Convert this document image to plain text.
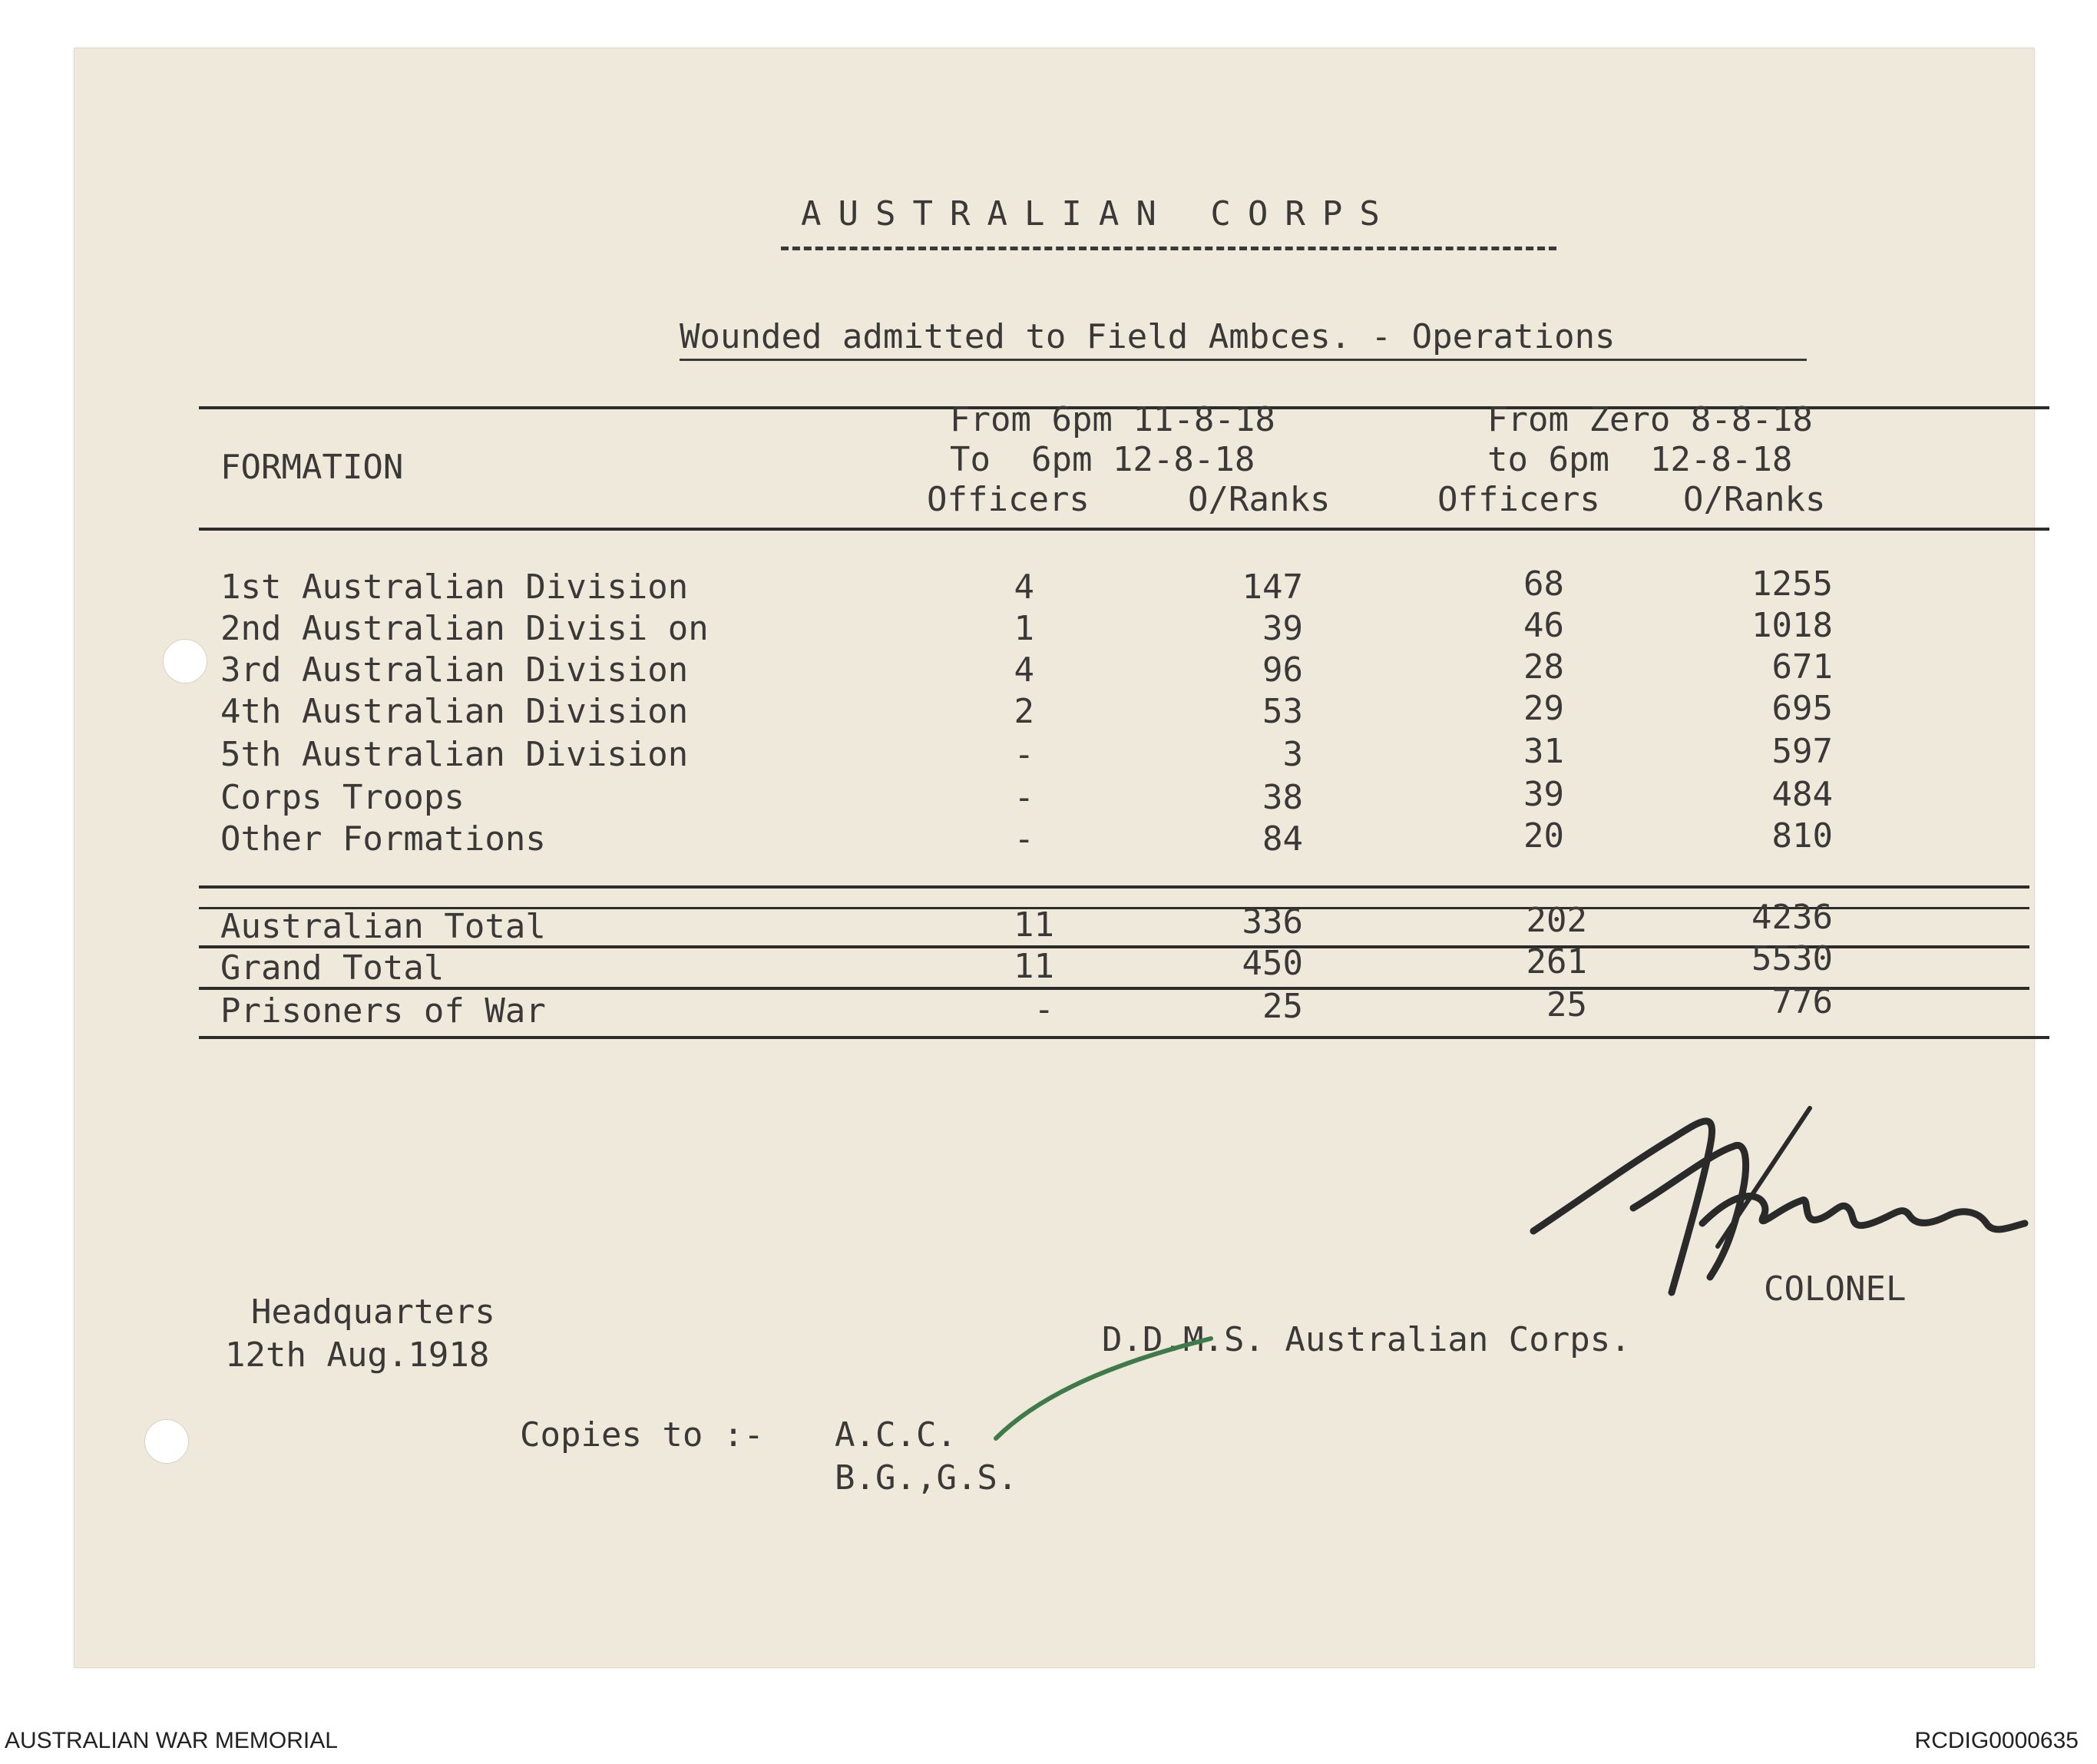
AUSTRALIAN CORPS
Wounded admitted to Field Ambces. - Operations
FORMATION
From 6pm 11-8-18
To  6pm 12-8-18
From Zero 8-8-18
to 6pm  12-8-18
Officers	O/Ranks	Officers O/Ranks
1st Australian Division	4	147	68	1255
2nd Australian Divisi on	1	39	46	1018
3rd Australian Division	4	96	28	671
4th Australian Division	2	53	29	695
5th Australian Division	-	3	31	597
Corps Troops	-	38	39	484
Other Formations	-	84	20	810
Australian Total	11	336	202	4236
Grand Total	11	450	261	5530
Prisoners of War	-	25	25	776
COLONEL
D.D.M.S. Australian Corps.
Headquarters
12th Aug.1918
Copies to :- A.C.C.
B.G.,G.S.
AUSTRALIAN WAR MEMORIAL	RCDIG0000635
